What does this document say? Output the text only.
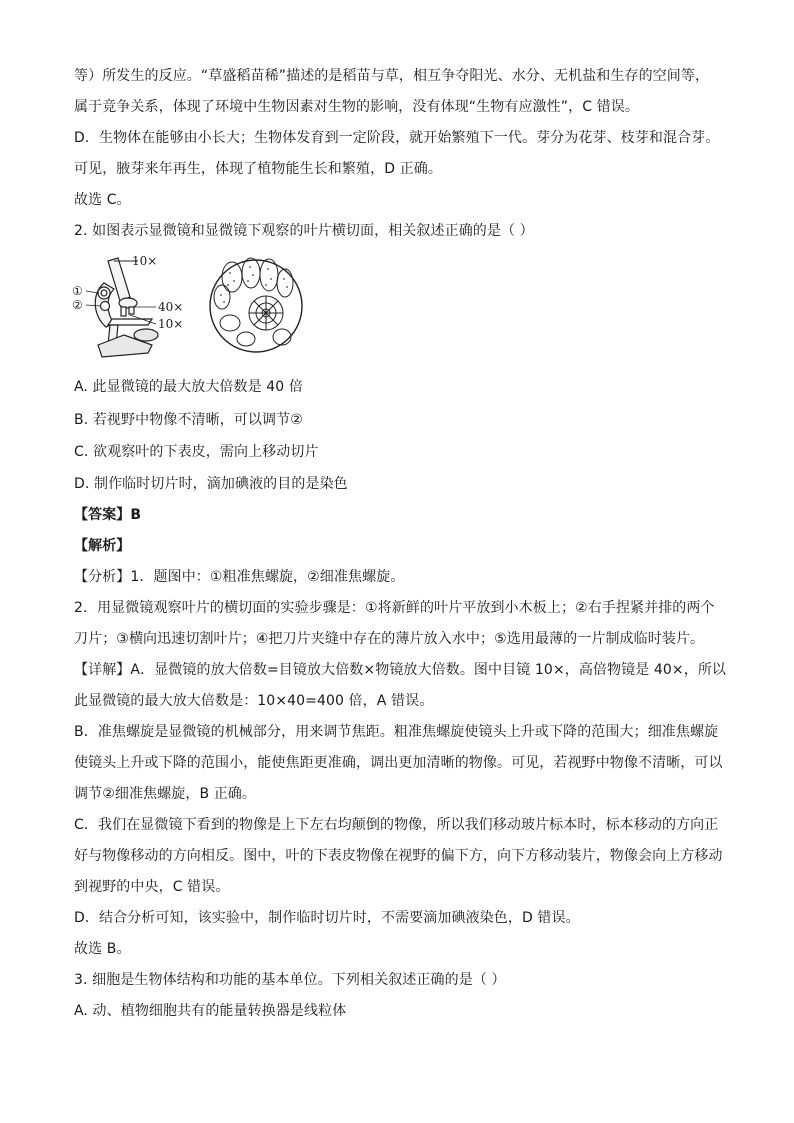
等）所发生的反应。“草盛稻苗稀”描述的是稻苗与草，相互争夺阳光、水分、无机盐和生存的空间等，
属于竞争关系，体现了环境中生物因素对生物的影响，没有体现“生物有应激性”，C 错误。
D．生物体在能够由小长大；生物体发育到一定阶段，就开始繁殖下一代。芽分为花芽、枝芽和混合芽。
可见，腋芽来年再生，体现了植物能生长和繁殖，D 正确。
故选 C。
2. 如图表示显微镜和显微镜下观察的叶片横切面，相关叙述正确的是（ ）
10×
①
②	40×
10×
A. 此显微镜的最大放大倍数是 40 倍
B. 若视野中物像不清晰，可以调节②
C. 欲观察叶的下表皮，需向上移动切片
D. 制作临时切片时，滴加碘液的目的是染色
【答案】B
【解析】
【分析】1．题图中：①粗准焦螺旋，②细准焦螺旋。
2．用显微镜观察叶片的横切面的实验步骤是：①将新鲜的叶片平放到小木板上；②右手捏紧并排的两个
刀片；③横向迅速切割叶片；④把刀片夹缝中存在的薄片放入水中；⑤选用最薄的一片制成临时装片。
【详解】A．显微镜的放大倍数=目镜放大倍数×物镜放大倍数。图中目镜 10×，高倍物镜是 40×，所以
此显微镜的最大放大倍数是：10×40=400 倍，A 错误。
B．准焦螺旋是显微镜的机械部分，用来调节焦距。粗准焦螺旋使镜头上升或下降的范围大；细准焦螺旋
使镜头上升或下降的范围小，能使焦距更准确，调出更加清晰的物像。可见，若视野中物像不清晰，可以
调节②细准焦螺旋，B 正确。
C．我们在显微镜下看到的物像是上下左右均颠倒的物像，所以我们移动玻片标本时，标本移动的方向正
好与物像移动的方向相反。图中，叶的下表皮物像在视野的偏下方，向下方移动装片，物像会向上方移动
到视野的中央，C 错误。
D．结合分析可知，该实验中，制作临时切片时，不需要滴加碘液染色，D 错误。
故选 B。
3. 细胞是生物体结构和功能的基本单位。下列相关叙述正确的是（ ）
A. 动、植物细胞共有的能量转换器是线粒体
